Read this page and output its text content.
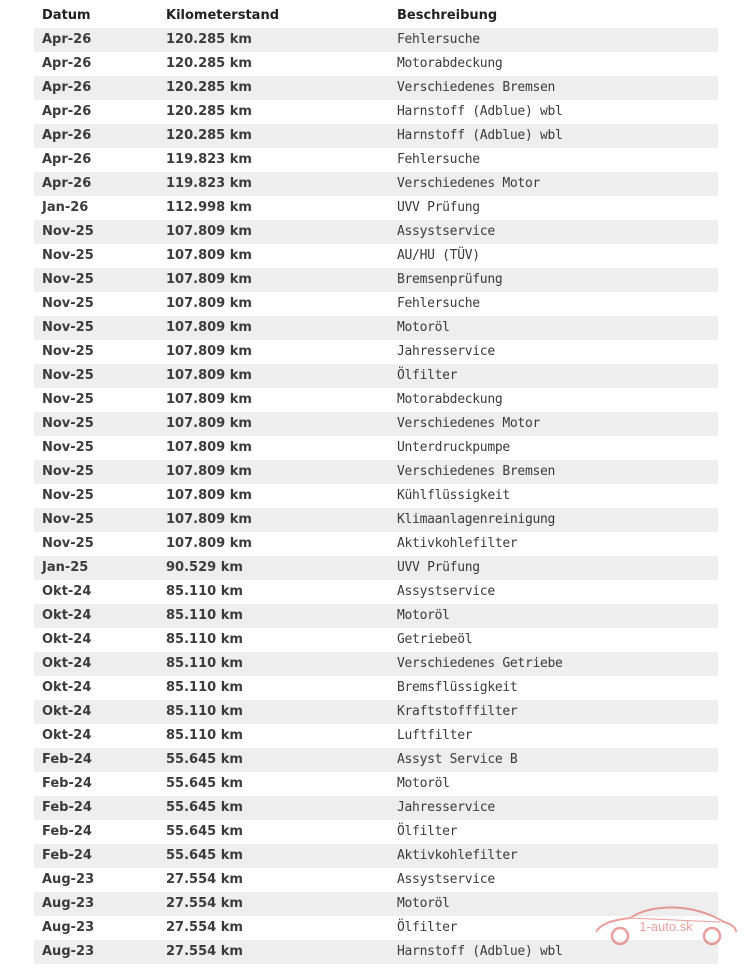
Datum	Kilometerstand	Beschreibung
Apr-26	120.285 km	Fehlersuche
Apr-26	120.285 km	Motorabdeckung
Apr-26	120.285 km	Verschiedenes Bremsen
Apr-26	120.285 km	Harnstoff (Adblue) wbl
Apr-26	120.285 km	Harnstoff (Adblue) wbl
Apr-26	119.823 km	Fehlersuche
Apr-26	119.823 km	Verschiedenes Motor
Jan-26	112.998 km	UVV Prüfung
Nov-25	107.809 km	Assystservice
Nov-25	107.809 km	AU/HU (TÜV)
Nov-25	107.809 km	Bremsenprüfung
Nov-25	107.809 km	Fehlersuche
Nov-25	107.809 km	Motoröl
Nov-25	107.809 km	Jahresservice
Nov-25	107.809 km	Ölfilter
Nov-25	107.809 km	Motorabdeckung
Nov-25	107.809 km	Verschiedenes Motor
Nov-25	107.809 km	Unterdruckpumpe
Nov-25	107.809 km	Verschiedenes Bremsen
Nov-25	107.809 km	Kühlflüssigkeit
Nov-25	107.809 km	Klimaanlagenreinigung
Nov-25	107.809 km	Aktivkohlefilter
Jan-25	90.529 km	UVV Prüfung
Okt-24	85.110 km	Assystservice
Okt-24	85.110 km	Motoröl
Okt-24	85.110 km	Getriebeöl
Okt-24	85.110 km	Verschiedenes Getriebe
Okt-24	85.110 km	Bremsflüssigkeit
Okt-24	85.110 km	Kraftstofffilter
Okt-24	85.110 km	Luftfilter
Feb-24	55.645 km	Assyst Service B
Feb-24	55.645 km	Motoröl
Feb-24	55.645 km	Jahresservice
Feb-24	55.645 km	Ölfilter
Feb-24	55.645 km	Aktivkohlefilter
Aug-23	27.554 km	Assystservice
Aug-23	27.554 km	Motoröl
Aug-23	27.554 km	Ölfilter
Aug-23	27.554 km	Harnstoff (Adblue) wbl
1-auto.sk
